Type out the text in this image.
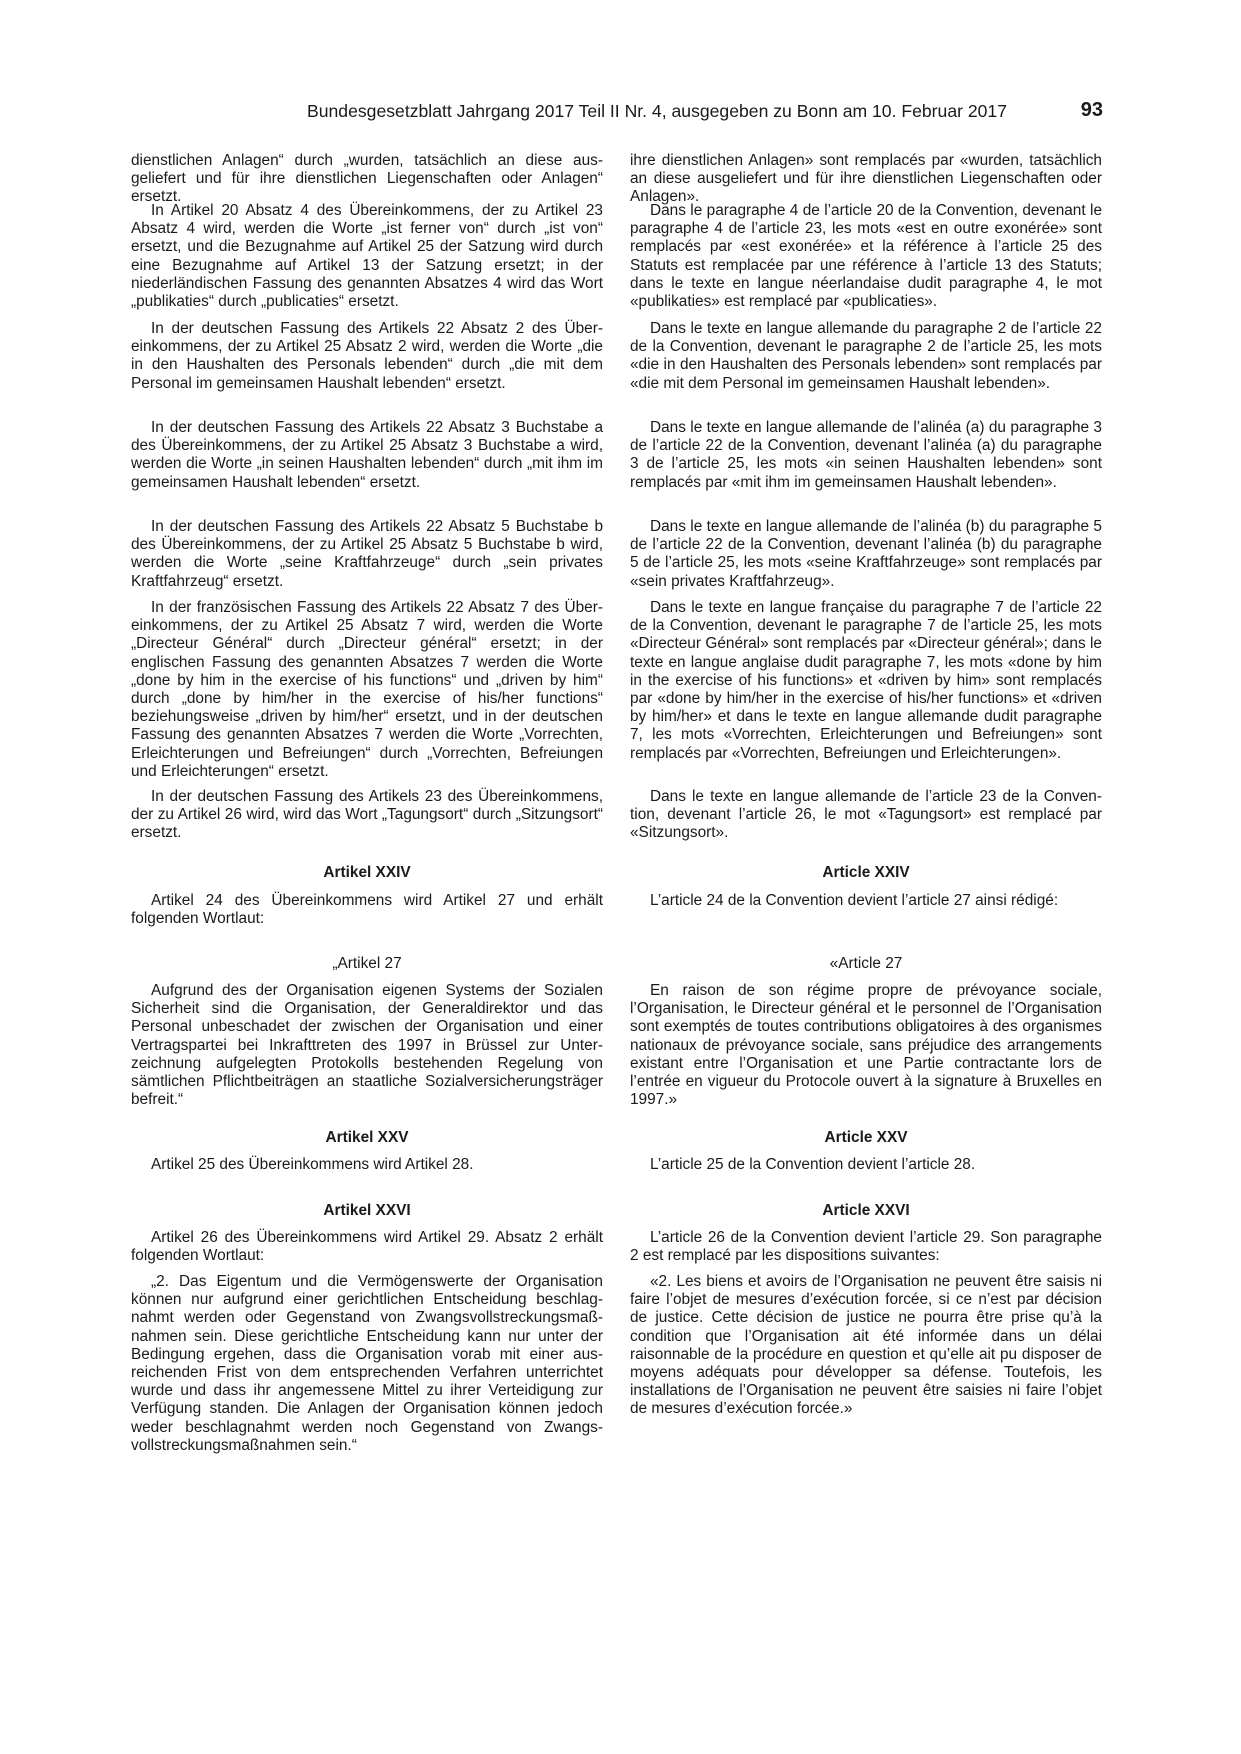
Bundesgesetzblatt Jahrgang 2017 Teil II Nr. 4, ausgegeben zu Bonn am 10. Februar 2017	93

dienstlichen Anlagen“ durch „wurden, tatsächlich an diese ausgeliefert und für ihre dienstlichen Liegenschaften oder Anlagen“ ersetzt.

In Artikel 20 Absatz 4 des Übereinkommens, der zu Artikel 23 Absatz 4 wird, werden die Worte „ist ferner von“ durch „ist von“ ersetzt, und die Bezugnahme auf Artikel 25 der Satzung wird durch eine Bezugnahme auf Artikel 13 der Satzung ersetzt; in der niederländischen Fassung des genannten Absatzes 4 wird das Wort „publikaties“ durch „publicaties“ ersetzt.

In der deutschen Fassung des Artikels 22 Absatz 2 des Übereinkommens, der zu Artikel 25 Absatz 2 wird, werden die Worte „die in den Haushalten des Personals lebenden“ durch „die mit dem Personal im gemeinsamen Haushalt lebenden“ ersetzt.

In der deutschen Fassung des Artikels 22 Absatz 3 Buchstabe a des Übereinkommens, der zu Artikel 25 Absatz 3 Buchstabe a wird, werden die Worte „in seinen Haushalten lebenden“ durch „mit ihm im gemeinsamen Haushalt lebenden“ ersetzt.

In der deutschen Fassung des Artikels 22 Absatz 5 Buchstabe b des Übereinkommens, der zu Artikel 25 Absatz 5 Buchstabe b wird, werden die Worte „seine Kraftfahrzeuge“ durch „sein privates Kraftfahrzeug“ ersetzt.

In der französischen Fassung des Artikels 22 Absatz 7 des Übereinkommens, der zu Artikel 25 Absatz 7 wird, werden die Worte „Directeur Général“ durch „Directeur général“ ersetzt; in der englischen Fassung des genannten Absatzes 7 werden die Worte „done by him in the exercise of his functions“ und „driven by him“ durch „done by him/her in the exercise of his/her functions“ beziehungsweise „driven by him/her“ ersetzt, und in der deutschen Fassung des genannten Absatzes 7 werden die Worte „Vorrechten, Erleichterungen und Befreiungen“ durch „Vorrechten, Befreiungen und Erleichterungen“ ersetzt.

In der deutschen Fassung des Artikels 23 des Übereinkommens, der zu Artikel 26 wird, wird das Wort „Tagungsort“ durch „Sitzungsort“ ersetzt.

Artikel XXIV

Artikel 24 des Übereinkommens wird Artikel 27 und erhält folgenden Wortlaut:

„Artikel 27

Aufgrund des der Organisation eigenen Systems der Sozialen Sicherheit sind die Organisation, der Generaldirektor und das Personal unbeschadet der zwischen der Organisation und einer Vertragspartei bei Inkrafttreten des 1997 in Brüssel zur Unterzeichnung aufgelegten Protokolls bestehenden Regelung von sämtlichen Pflichtbeiträgen an staatliche Sozialversicherungsträger befreit.“

Artikel XXV

Artikel 25 des Übereinkommens wird Artikel 28.

Artikel XXVI

Artikel 26 des Übereinkommens wird Artikel 29. Absatz 2 erhält folgenden Wortlaut:

„2. Das Eigentum und die Vermögenswerte der Organisation können nur aufgrund einer gerichtlichen Entscheidung beschlagnahmt werden oder Gegenstand von Zwangsvollstreckungsmaßnahmen sein. Diese gerichtliche Entscheidung kann nur unter der Bedingung ergehen, dass die Organisation vorab mit einer ausreichenden Frist von dem entsprechenden Verfahren unterrichtet wurde und dass ihr angemessene Mittel zu ihrer Verteidigung zur Verfügung standen. Die Anlagen der Organisation können jedoch weder beschlagnahmt werden noch Gegenstand von Zwangsvollstreckungsmaßnahmen sein.“

ihre dienstlichen Anlagen» sont remplacés par «wurden, tatsächlich an diese ausgeliefert und für ihre dienstlichen Liegenschaften oder Anlagen».

Dans le paragraphe 4 de l’article 20 de la Convention, devenant le paragraphe 4 de l’article 23, les mots «est en outre exonérée» sont remplacés par «est exonérée» et la référence à l’article 25 des Statuts est remplacée par une référence à l’article 13 des Statuts; dans le texte en langue néerlandaise dudit paragraphe 4, le mot «publikaties» est remplacé par «publicaties».

Dans le texte en langue allemande du paragraphe 2 de l’article 22 de la Convention, devenant le paragraphe 2 de l’article 25, les mots «die in den Haushalten des Personals lebenden» sont remplacés par «die mit dem Personal im gemeinsamen Haushalt lebenden».

Dans le texte en langue allemande de l’alinéa (a) du paragraphe 3 de l’article 22 de la Convention, devenant l’alinéa (a) du paragraphe 3 de l’article 25, les mots «in seinen Haushalten lebenden» sont remplacés par «mit ihm im gemeinsamen Haushalt lebenden».

Dans le texte en langue allemande de l’alinéa (b) du paragraphe 5 de l’article 22 de la Convention, devenant l’alinéa (b) du paragraphe 5 de l’article 25, les mots «seine Kraftfahrzeuge» sont remplacés par «sein privates Kraftfahrzeug».

Dans le texte en langue française du paragraphe 7 de l’article 22 de la Convention, devenant le paragraphe 7 de l’article 25, les mots «Directeur Général» sont remplacés par «Directeur général»; dans le texte en langue anglaise dudit paragraphe 7, les mots «done by him in the exercise of his functions» et «driven by him» sont remplacés par «done by him/her in the exercise of his/her functions» et «driven by him/her» et dans le texte en langue allemande dudit paragraphe 7, les mots «Vorrechten, Erleichterungen und Befreiungen» sont remplacés par «Vorrechten, Befreiungen und Erleichterungen».

Dans le texte en langue allemande de l’article 23 de la Convention, devenant l’article 26, le mot «Tagungsort» est remplacé par «Sitzungsort».

Article XXIV

L’article 24 de la Convention devient l’article 27 ainsi rédigé:

«Article 27

En raison de son régime propre de prévoyance sociale, l’Organisation, le Directeur général et le personnel de l’Organisation sont exemptés de toutes contributions obligatoires à des organismes nationaux de prévoyance sociale, sans préjudice des arrangements existant entre l’Organisation et une Partie contractante lors de l’entrée en vigueur du Protocole ouvert à la signature à Bruxelles en 1997.»

Article XXV

L’article 25 de la Convention devient l’article 28.

Article XXVI

L’article 26 de la Convention devient l’article 29. Son paragraphe 2 est remplacé par les dispositions suivantes:

«2. Les biens et avoirs de l’Organisation ne peuvent être saisis ni faire l’objet de mesures d’exécution forcée, si ce n’est par décision de justice. Cette décision de justice ne pourra être prise qu’à la condition que l’Organisation ait été informée dans un délai raisonnable de la procédure en question et qu’elle ait pu disposer de moyens adéquats pour développer sa défense. Toutefois, les installations de l’Organisation ne peuvent être saisies ni faire l’objet de mesures d’exécution forcée.»
